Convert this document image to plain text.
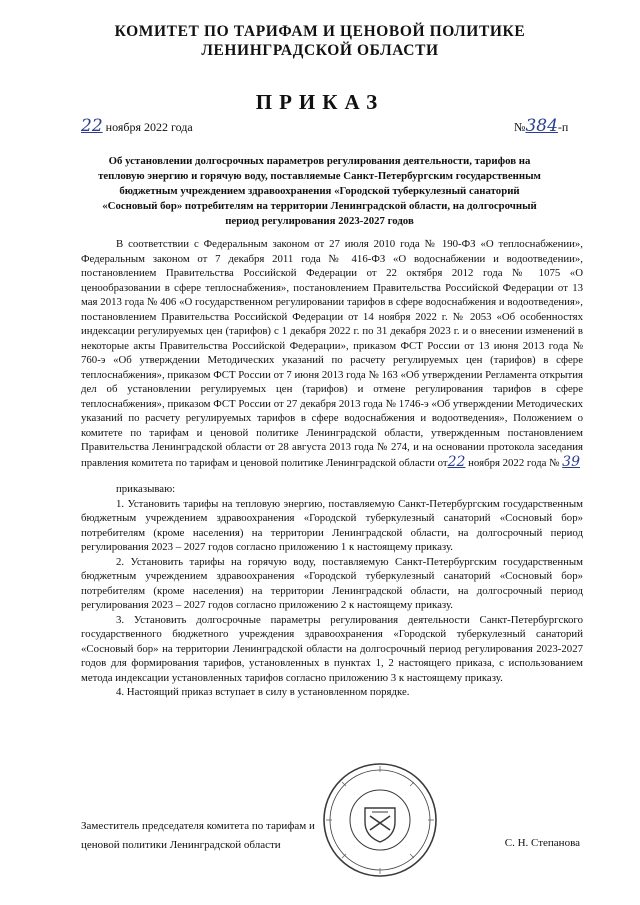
КОМИТЕТ ПО ТАРИФАМ И ЦЕНОВОЙ ПОЛИТИКЕ
ЛЕНИНГРАДСКОЙ ОБЛАСТИ
ПРИКАЗ
22 ноября 2022 года	№384-п
Об установлении долгосрочных параметров регулирования деятельности, тарифов на тепловую энергию и горячую воду, поставляемые Санкт-Петербургским государственным бюджетным учреждением здравоохранения «Городской туберкулезный санаторий «Сосновый бор» потребителям на территории Ленинградской области, на долгосрочный период регулирования 2023-2027 годов

В соответствии с Федеральным законом от 27 июля 2010 года № 190-ФЗ «О теплоснабжении», Федеральным законом от 7 декабря 2011 года № 416-ФЗ «О водоснабжении и водоотведении», постановлением Правительства Российской Федерации от 22 октября 2012 года № 1075 «О ценообразовании в сфере теплоснабжения», постановлением Правительства Российской Федерации от 13 мая 2013 года № 406 «О государственном регулировании тарифов в сфере водоснабжения и водоотведения», постановлением Правительства Российской Федерации от 14 ноября 2022 г. № 2053 «Об особенностях индексации регулируемых цен (тарифов) с 1 декабря 2022 г. по 31 декабря 2023 г. и о внесении изменений в некоторые акты Правительства Российской Федерации», приказом ФСТ России от 13 июня 2013 года № 760-э «Об утверждении Методических указаний по расчету регулируемых цен (тарифов) в сфере теплоснабжения», приказом ФСТ России от 7 июня 2013 года № 163 «Об утверждении Регламента открытия дел об установлении регулируемых цен (тарифов) и отмене регулирования тарифов в сфере теплоснабжения», приказом ФСТ России от 27 декабря 2013 года № 1746-э «Об утверждении Методических указаний по расчету регулируемых тарифов в сфере водоснабжения и водоотведения», Положением о комитете по тарифам и ценовой политике Ленинградской области, утвержденным постановлением Правительства Ленинградской области от 28 августа 2013 года № 274, и на основании протокола заседания правления комитета по тарифам и ценовой политике Ленинградской области от22 ноября 2022 года № 39

приказываю:

1. Установить тарифы на тепловую энергию, поставляемую Санкт-Петербургским государственным бюджетным учреждением здравоохранения «Городской туберкулезный санаторий «Сосновый бор» потребителям (кроме населения) на территории Ленинградской области, на долгосрочный период регулирования 2023 – 2027 годов согласно приложению 1 к настоящему приказу.

2. Установить тарифы на горячую воду, поставляемую Санкт-Петербургским государственным бюджетным учреждением здравоохранения «Городской туберкулезный санаторий «Сосновый бор» потребителям (кроме населения) на территории Ленинградской области, на долгосрочный период регулирования 2023 – 2027 годов согласно приложению 2 к настоящему приказу.

3. Установить долгосрочные параметры регулирования деятельности Санкт-Петербургского государственного бюджетного учреждения здравоохранения «Городской туберкулезный санаторий «Сосновый бор» на территории Ленинградской области на долгосрочный период регулирования 2023-2027 годов для формирования тарифов, установленных в пунктах 1, 2 настоящего приказа, с использованием метода индексации установленных тарифов согласно приложению 3 к настоящему приказу.

4. Настоящий приказ вступает в силу в установленном порядке.

Заместитель председателя комитета по тарифам и
ценовой политики Ленинградской области	С. Н. Степанова
